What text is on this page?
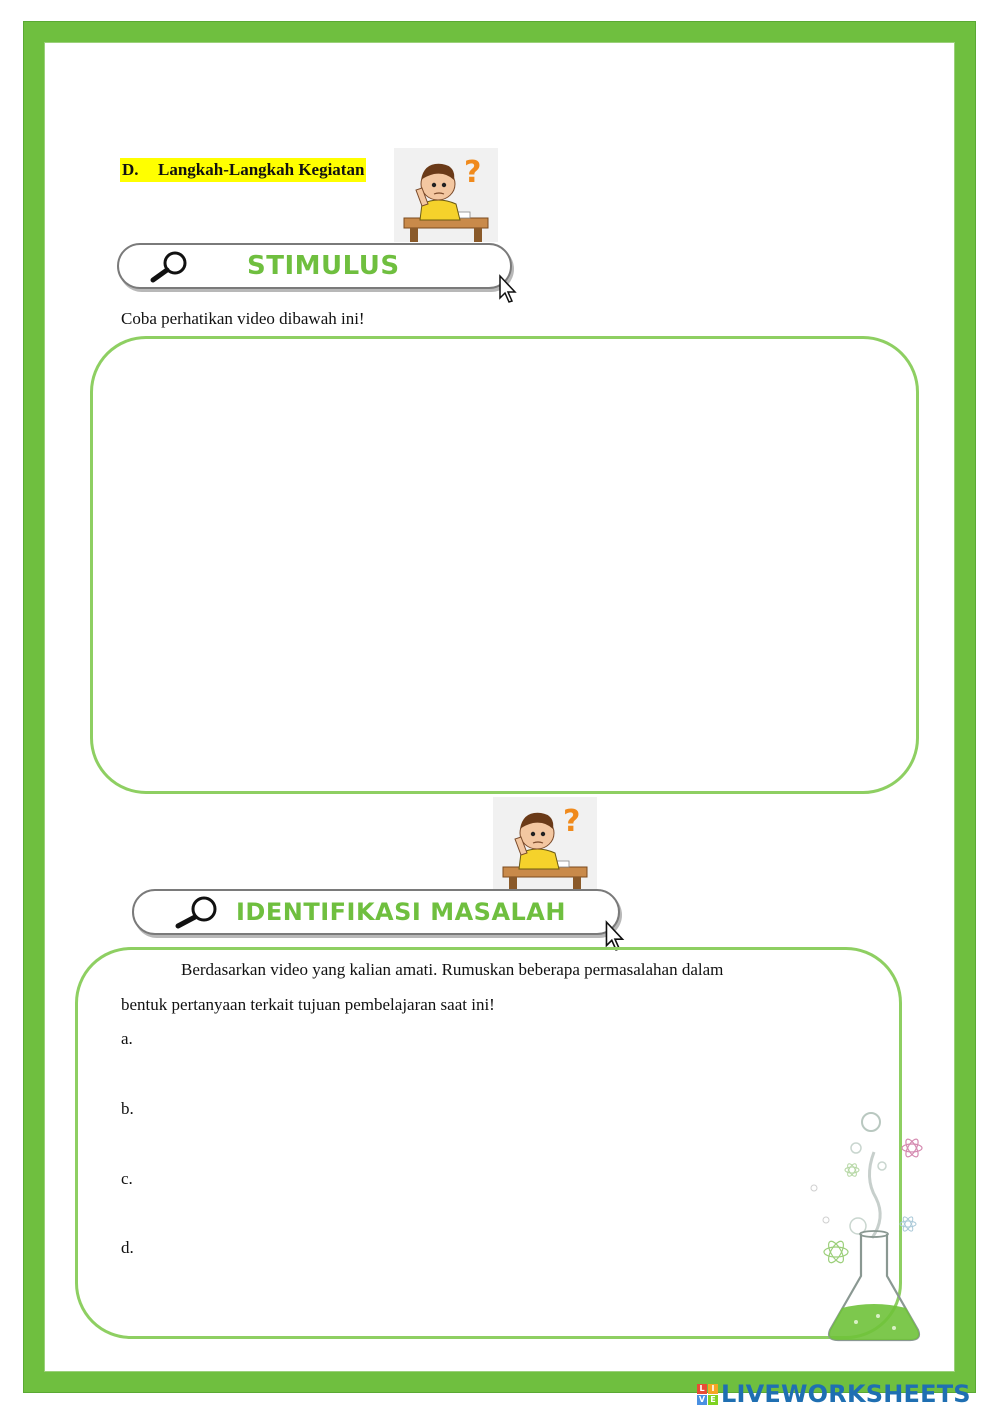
D. Langkah-Langkah Kegiatan	?
STIMULUS
Coba perhatikan video dibawah ini!
?
IDENTIFIKASI MASALAH
Berdasarkan video yang kalian amati. Rumuskan beberapa permasalahan dalam
bentuk pertanyaan terkait tujuan pembelajaran saat ini!
a.
b.
c.
d.
L I
V E LIVEWORKSHEETS
